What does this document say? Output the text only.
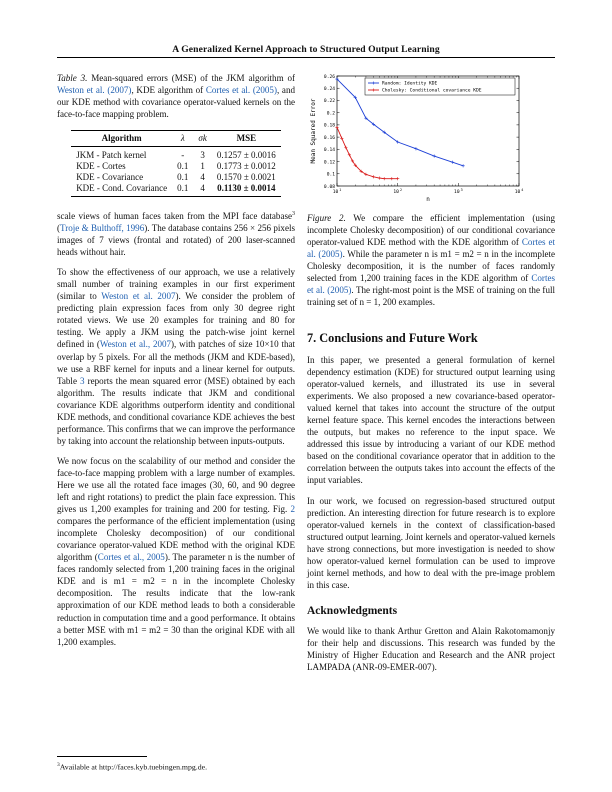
A Generalized Kernel Approach to Structured Output Learning
Table 3. Mean-squared errors (MSE) of the JKM algorithm of Weston et al. (2007), KDE algorithm of Cortes et al. (2005), and our KDE method with covariance operator-valued kernels on the face-to-face mapping problem.
Algorithm	λ	σk	MSE
JKM - Patch kernel	-	3	0.1257 ± 0.0016
KDE - Cortes	0.1	1	0.1773 ± 0.0012
KDE - Covariance	0.1	4	0.1570 ± 0.0021
KDE - Cond. Covariance	0.1	4	0.1130 ± 0.0014

scale views of human faces taken from the MPI face database$^3$ (Troje & Bulthoff, 1996). The database contains 256 × 256 pixels images of 7 views (frontal and rotated) of 200 laser-scanned heads without hair.

To show the effectiveness of our approach, we use a relatively small number of training examples in our first experiment (similar to Weston et al. 2007). We consider the problem of predicting plain expression faces from only 30 degree right rotated views. We use 20 examples for training and 80 for testing. We apply a JKM using the patch-wise joint kernel defined in (Weston et al., 2007), with patches of size 10×10 that overlap by 5 pixels. For all the methods (JKM and KDE-based), we use a RBF kernel for inputs and a linear kernel for outputs. Table 3 reports the mean squared error (MSE) obtained by each algorithm. The results indicate that JKM and conditional covariance KDE algorithms outperform identity and conditional KDE methods, and conditional covariance KDE achieves the best performance. This confirms that we can improve the performance by taking into account the relationship between inputs-outputs.

We now focus on the scalability of our method and consider the face-to-face mapping problem with a large number of examples. Here we use all the rotated face images (30, 60, and 90 degree left and right rotations) to predict the plain face expression. This gives us 1,200 examples for training and 200 for testing. Fig. 2 compares the performance of the efficient implementation (using incomplete Cholesky decomposition) of our conditional covariance operator-valued KDE method with the original KDE algorithm (Cortes et al., 2005). The parameter n is the number of faces randomly selected from 1,200 training faces in the original KDE and is m1 = m2 = n in the incomplete Cholesky decomposition. The results indicate that the low-rank approximation of our KDE method leads to both a considerable reduction in computation time and a good performance. It obtains a better MSE with m1 = m2 = 30 than the original KDE with all 1,200 examples.

$^3$Available at http://faces.kyb.tuebingen.mpg.de.
0.08
0.1
0.12
0.14
0.16
0.18
0.2
0.22
0.24
0.26
10
1
10
2
10
3
10
4
n
Mean Squared Error
Random: Identity KDE
Cholesky: Conditional covariance KDE
Figure 2. We compare the efficient implementation (using incomplete Cholesky decomposition) of our conditional covariance operator-valued KDE method with the KDE algorithm of Cortes et al. (2005). While the parameter n is m1 = m2 = n in the incomplete Cholesky decomposition, it is the number of faces randomly selected from 1,200 training faces in the KDE algorithm of Cortes et al. (2005). The right-most point is the MSE of training on the full training set of n = 1, 200 examples.
7. Conclusions and Future Work

In this paper, we presented a general formulation of kernel dependency estimation (KDE) for structured output learning using operator-valued kernels, and illustrated its use in several experiments. We also proposed a new covariance-based operator-valued kernel that takes into account the structure of the output kernel feature space. This kernel encodes the interactions between the outputs, but makes no reference to the input space. We addressed this issue by introducing a variant of our KDE method based on the conditional covariance operator that in addition to the correlation between the outputs takes into account the effects of the input variables.

In our work, we focused on regression-based structured output prediction. An interesting direction for future research is to explore operator-valued kernels in the context of classification-based structured output learning. Joint kernels and operator-valued kernels have strong connections, but more investigation is needed to show how operator-valued kernel formulation can be used to improve joint kernel methods, and how to deal with the pre-image problem in this case.

Acknowledgments

We would like to thank Arthur Gretton and Alain Rakotomamonjy for their help and discussions. This research was funded by the Ministry of Higher Education and Research and the ANR project LAMPADA (ANR-09-EMER-007).
